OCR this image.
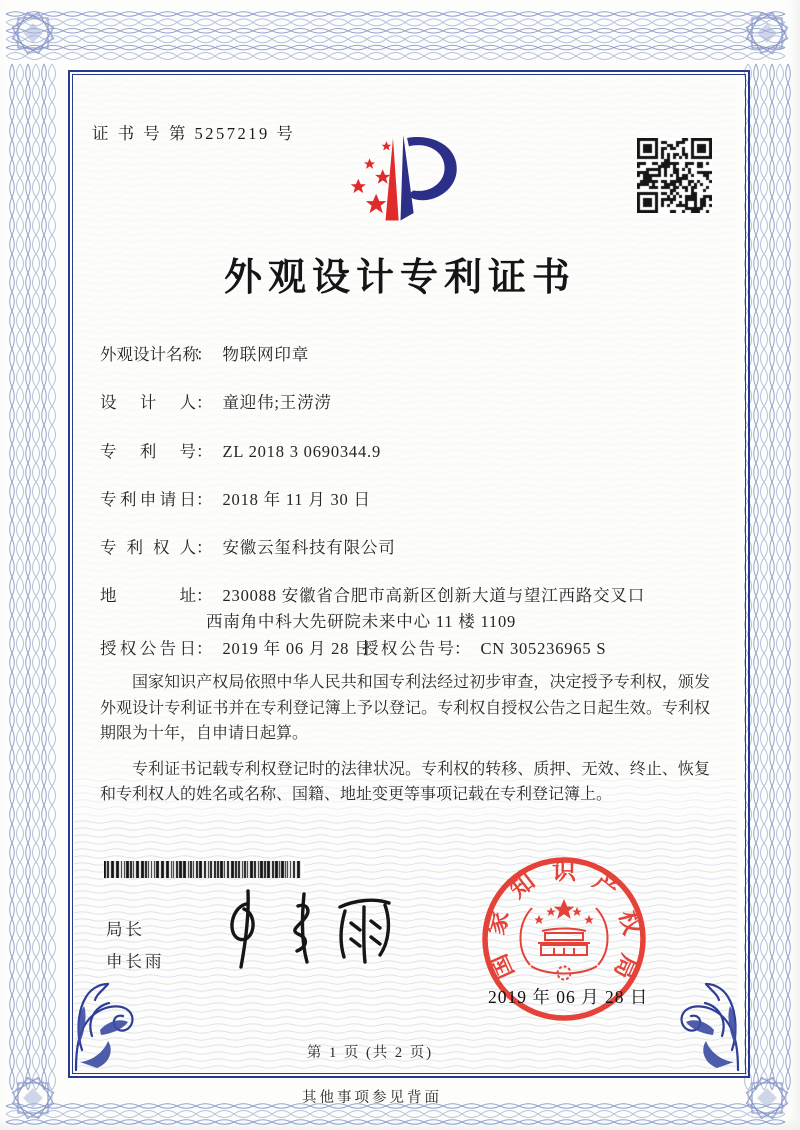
证 书 号 第 5257219 号
外观设计专利证书
外观设计名称： 物联网印章
设计人： 童迎伟;王涝涝
专利号： ZL 2018 3 0690344.9
专利申请日： 2018 年 11 月 30 日
专利权人： 安徽云玺科技有限公司
地址： 230088 安徽省合肥市高新区创新大道与望江西路交叉口
西南角中科大先研院未来中心 11 楼 1109
授权公告日： 2019 年 06 月 28 日
授权公告号： CN 305236965 S

国家知识产权局依照中华人民共和国专利法经过初步审查，决定授予专利权，颁发外观设计专利证书并在专利登记簿上予以登记。专利权自授权公告之日起生效。专利权期限为十年，自申请日起算。

专利证书记载专利权登记时的法律状况。专利权的转移、质押、无效、终止、恢复和专利权人的姓名或名称、国籍、地址变更等事项记载在专利登记簿上。

局长
申长雨	国
家
知 识 产
权
局
2019 年 06 月 28 日
第 1 页 (共 2 页)
其他事项参见背面
